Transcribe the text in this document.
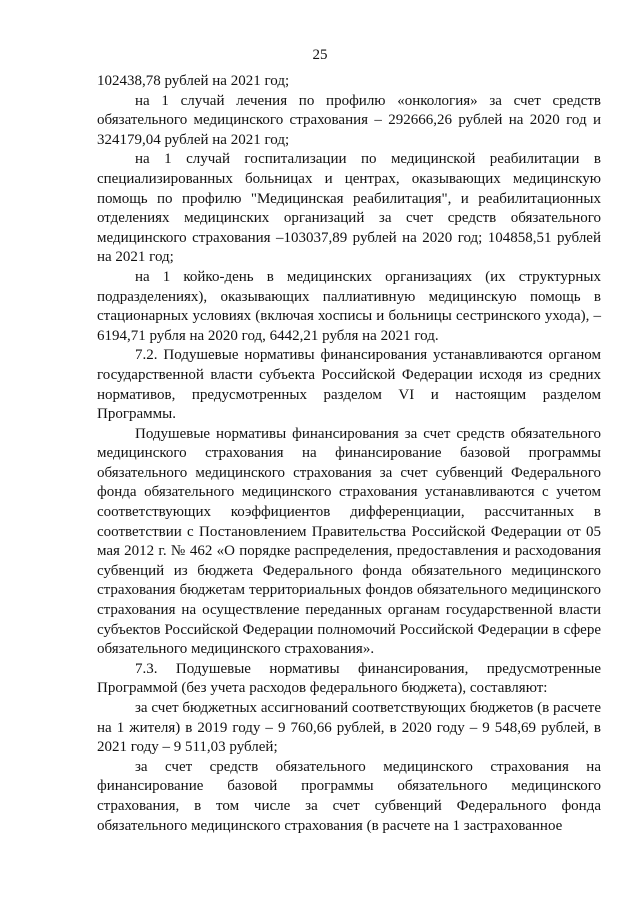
25

102438,78 рублей на 2021 год;

на 1 случай лечения по профилю «онкология» за счет средств обязательного медицинского страхования – 292666,26 рублей на 2020 год и 324179,04 рублей на 2021 год;

на 1 случай госпитализации по медицинской реабилитации в специализированных больницах и центрах, оказывающих медицинскую помощь по профилю "Медицинская реабилитация", и реабилитационных отделениях медицинских организаций за счет средств обязательного медицинского страхования –103037,89 рублей на 2020 год; 104858,51 рублей на 2021 год;

на 1 койко-день в медицинских организациях (их структурных подразделениях), оказывающих паллиативную медицинскую помощь в стационарных условиях (включая хосписы и больницы сестринского ухода), – 6194,71 рубля на 2020 год, 6442,21 рубля на 2021 год.

7.2. Подушевые нормативы финансирования устанавливаются органом государственной власти субъекта Российской Федерации исходя из средних нормативов, предусмотренных разделом VI и настоящим разделом Программы.

Подушевые нормативы финансирования за счет средств обязательного медицинского страхования на финансирование базовой программы обязательного медицинского страхования за счет субвенций Федерального фонда обязательного медицинского страхования устанавливаются с учетом соответствующих коэффициентов дифференциации, рассчитанных в соответствии с Постановлением Правительства Российской Федерации от 05 мая 2012 г. № 462 «О порядке распределения, предоставления и расходования субвенций из бюджета Федерального фонда обязательного медицинского страхования бюджетам территориальных фондов обязательного медицинского страхования на осуществление переданных органам государственной власти субъектов Российской Федерации полномочий Российской Федерации в сфере обязательного медицинского страхования».

7.3. Подушевые нормативы финансирования, предусмотренные Программой (без учета расходов федерального бюджета), составляют:

за счет бюджетных ассигнований соответствующих бюджетов (в расчете на 1 жителя) в 2019 году – 9 760,66 рублей, в 2020 году – 9 548,69 рублей, в 2021 году – 9 511,03 рублей;

за счет средств обязательного медицинского страхования на финансирование базовой программы обязательного медицинского страхования, в том числе за счет субвенций Федерального фонда обязательного медицинского страхования (в расчете на 1 застрахованное
